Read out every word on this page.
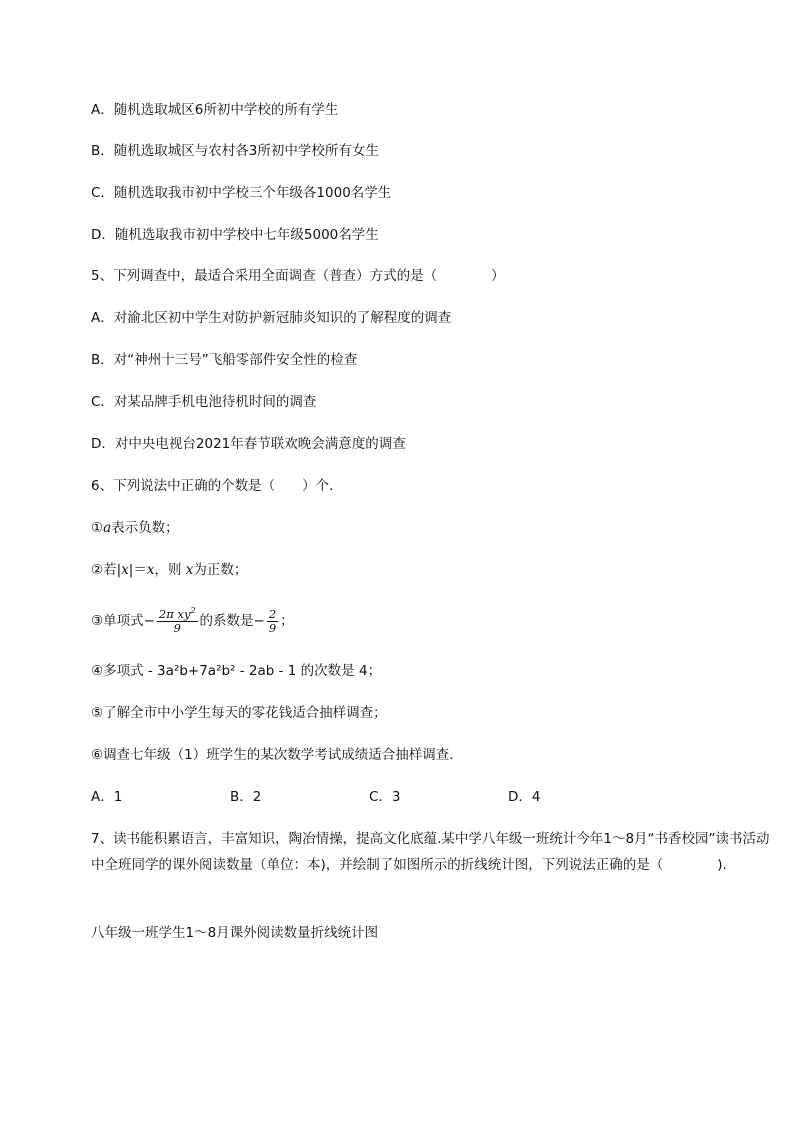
A．随机选取城区6所初中学校的所有学生
B．随机选取城区与农村各3所初中学校所有女生
C．随机选取我市初中学校三个年级各1000名学生
D．随机选取我市初中学校中七年级5000名学生
5、下列调查中，最适合采用全面调查（普查）方式的是（　　　　）
A．对渝北区初中学生对防护新冠肺炎知识的了解程度的调查
B．对“神州十三号”飞船零部件安全性的检查
C．对某品牌手机电池待机时间的调查
D．对中央电视台2021年春节联欢晚会满意度的调查
6、下列说法中正确的个数是（　　）个．
①a表示负数；
②若|x|＝x，则 x为正数；
③单项式− $\frac{2\pi xy^2}{9}$ 的系数是− $\frac{2}{9}$ ；
④多项式 - 3a²b+7a²b² - 2ab - 1 的次数是 4；
⑤了解全市中小学生每天的零花钱适合抽样调查；
⑥调查七年级（1）班学生的某次数学考试成绩适合抽样调查．
A．1	B．2	C．3	D．4
7、读书能积累语言，丰富知识，陶冶情操，提高文化底蕴.某中学八年级一班统计今年1～8月“书香校园”读书活动中全班同学的课外阅读数量（单位：本)，并绘制了如图所示的折线统计图，下列说法正确的是（　　　　).
八年级一班学生1～8月课外阅读数量折线统计图
